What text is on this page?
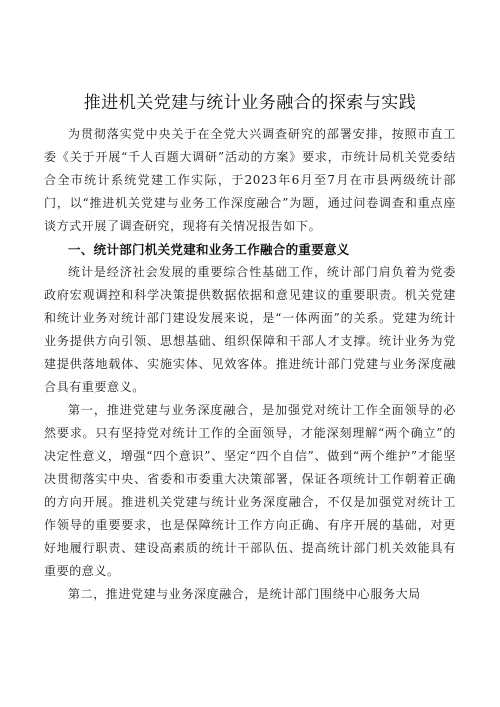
推进机关党建与统计业务融合的探索与实践

为贯彻落实党中央关于在全党大兴调查研究的部署安排，按照市直工委《关于开展“千人百题大调研”活动的方案》要求，市统计局机关党委结合全市统计系统党建工作实际，于2023年6月至7月在市县两级统计部门，以“推进机关党建与业务工作深度融合”为题，通过问卷调查和重点座谈方式开展了调查研究，现将有关情况报告如下。

一、统计部门机关党建和业务工作融合的重要意义

统计是经济社会发展的重要综合性基础工作，统计部门肩负着为党委政府宏观调控和科学决策提供数据依据和意见建议的重要职责。机关党建和统计业务对统计部门建设发展来说，是“一体两面”的关系。党建为统计业务提供方向引领、思想基础、组织保障和干部人才支撑。统计业务为党建提供落地载体、实施实体、见效客体。推进统计部门党建与业务深度融合具有重要意义。

第一，推进党建与业务深度融合，是加强党对统计工作全面领导的必然要求。只有坚持党对统计工作的全面领导，才能深刻理解“两个确立”的决定性意义，增强“四个意识”、坚定“四个自信”、做到“两个维护”才能坚决贯彻落实中央、省委和市委重大决策部署，保证各项统计工作朝着正确的方向开展。推进机关党建与统计业务深度融合，不仅是加强党对统计工作领导的重要要求，也是保障统计工作方向正确、有序开展的基础，对更好地履行职责、建设高素质的统计干部队伍、提高统计部门机关效能具有重要的意义。

第二，推进党建与业务深度融合，是统计部门围绕中心服务大局
